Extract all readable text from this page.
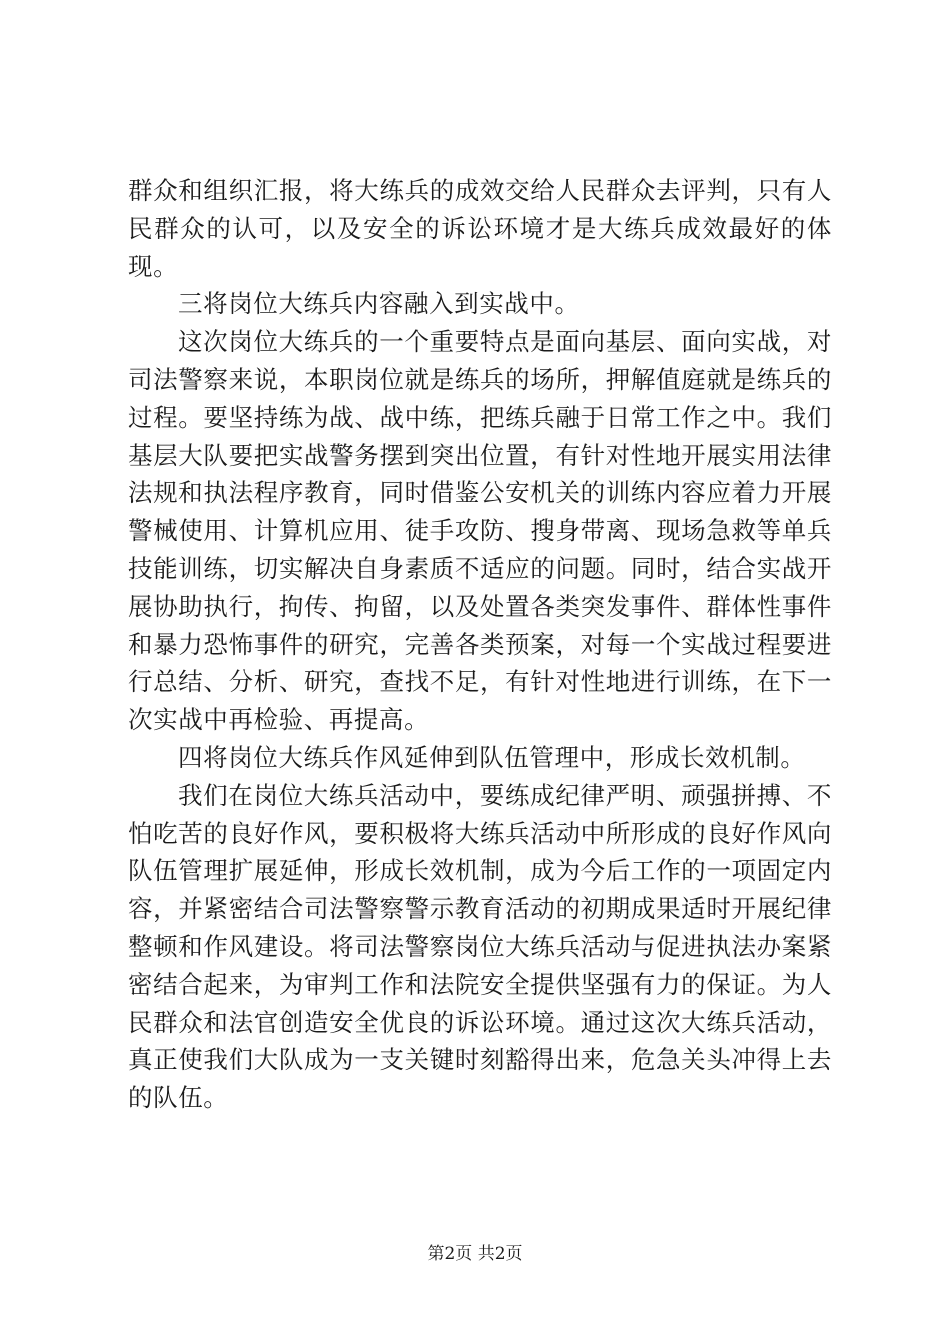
群众和组织汇报，将大练兵的成效交给人民群众去评判，只有人民群众的认可，以及安全的诉讼环境才是大练兵成效最好的体现。

三将岗位大练兵内容融入到实战中。

这次岗位大练兵的一个重要特点是面向基层、面向实战，对司法警察来说，本职岗位就是练兵的场所，押解值庭就是练兵的过程。要坚持练为战、战中练，把练兵融于日常工作之中。我们基层大队要把实战警务摆到突出位置，有针对性地开展实用法律法规和执法程序教育，同时借鉴公安机关的训练内容应着力开展警械使用、计算机应用、徒手攻防、搜身带离、现场急救等单兵技能训练，切实解决自身素质不适应的问题。同时，结合实战开展协助执行，拘传、拘留，以及处置各类突发事件、群体性事件和暴力恐怖事件的研究，完善各类预案，对每一个实战过程要进行总结、分析、研究，查找不足，有针对性地进行训练，在下一次实战中再检验、再提高。

四将岗位大练兵作风延伸到队伍管理中，形成长效机制。

我们在岗位大练兵活动中，要练成纪律严明、顽强拼搏、不怕吃苦的良好作风，要积极将大练兵活动中所形成的良好作风向队伍管理扩展延伸，形成长效机制，成为今后工作的一项固定内容，并紧密结合司法警察警示教育活动的初期成果适时开展纪律整顿和作风建设。将司法警察岗位大练兵活动与促进执法办案紧密结合起来，为审判工作和法院安全提供坚强有力的保证。为人民群众和法官创造安全优良的诉讼环境。通过这次大练兵活动，真正使我们大队成为一支关键时刻豁得出来，危急关头冲得上去的队伍。

第2页 共2页
